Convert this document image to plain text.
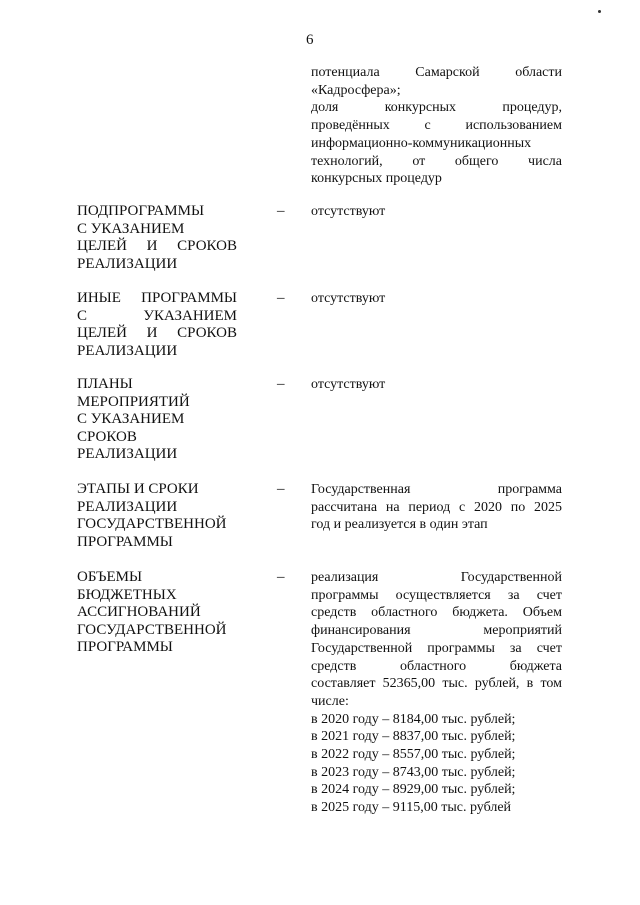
6
потенциала Самарской области
«Кадросфера»;
доля конкурсных процедур,
проведённых с использованием
информационно-коммуникационных
технологий, от общего числа
конкурсных процедур
ПОДПРОГРАММЫ
С УКАЗАНИЕМ
ЦЕЛЕЙ И СРОКОВ
РЕАЛИЗАЦИИ
– отсутствуют
ИНЫЕ ПРОГРАММЫ
С УКАЗАНИЕМ
ЦЕЛЕЙ И СРОКОВ
РЕАЛИЗАЦИИ
– отсутствуют
ПЛАНЫ
МЕРОПРИЯТИЙ
С УКАЗАНИЕМ
СРОКОВ
РЕАЛИЗАЦИИ
– отсутствуют
ЭТАПЫ И СРОКИ
РЕАЛИЗАЦИИ
ГОСУДАРСТВЕННОЙ
ПРОГРАММЫ
– Государственная программа
рассчитана на период с 2020 по 2025
год и реализуется в один этап
ОБЪЕМЫ
БЮДЖЕТНЫХ
АССИГНОВАНИЙ
ГОСУДАРСТВЕННОЙ
ПРОГРАММЫ
– реализация Государственной
программы осуществляется за счет
средств областного бюджета. Объем
финансирования мероприятий
Государственной программы за счет
средств областного бюджета
составляет 52365,00 тыс. рублей, в том
числе:
в 2020 году – 8184,00 тыс. рублей;
в 2021 году – 8837,00 тыс. рублей;
в 2022 году – 8557,00 тыс. рублей;
в 2023 году – 8743,00 тыс. рублей;
в 2024 году – 8929,00 тыс. рублей;
в 2025 году – 9115,00 тыс. рублей
